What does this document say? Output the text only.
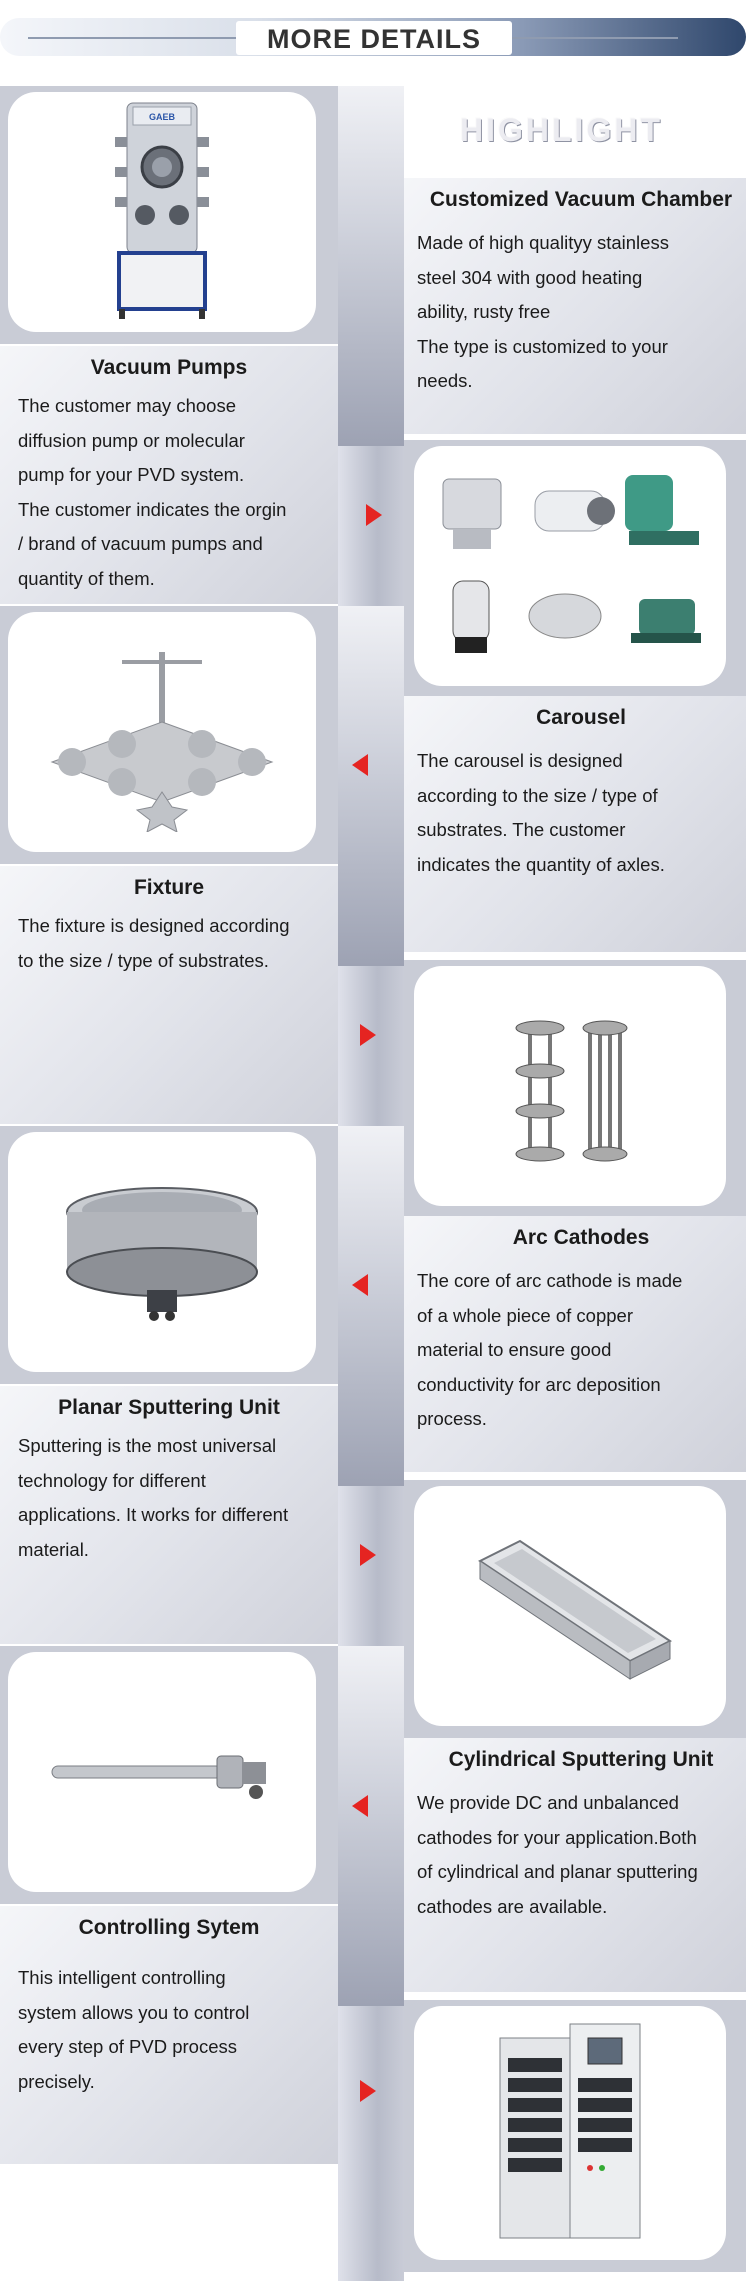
MORE DETAILS
GAEB	HIGHLIGHT
Customized Vacuum Chamber
Made of high qualityy stainless
steel 304 with good heating
ability, rusty free
The type is customized to your
needs.
Vacuum Pumps
The customer may choose
diffusion pump or molecular
pump for your PVD system.
The customer indicates the orgin
/ brand of vacuum pumps and
quantity of them.
Carousel
The carousel is designed
according to the size / type of
substrates. The customer
indicates the quantity of axles.
Fixture
The fixture is designed according
to the size / type of substrates.
Arc Cathodes
The core of arc cathode is made
of a whole piece of copper
material to ensure good
conductivity for arc deposition
process.
Planar Sputtering Unit
Sputtering is the most universal
technology for different
applications. It works for different
material.
Cylindrical Sputtering Unit
We provide DC and unbalanced
cathodes for your application.Both
of cylindrical and planar sputtering
cathodes are available.
Controlling Sytem
This intelligent controlling
system allows you to control
every step of PVD process
precisely.
